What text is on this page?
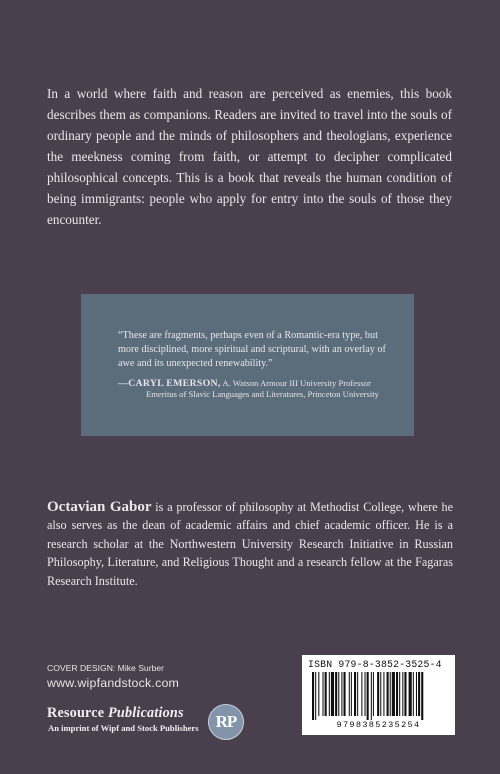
In a world where faith and reason are perceived as enemies, this book describes them as companions. Readers are invited to travel into the souls of ordinary people and the minds of philosophers and theologians, experience the meekness coming from faith, or attempt to decipher complicated philosophical concepts. This is a book that reveals the human condition of being immigrants: people who apply for entry into the souls of those they encounter.

“These are fragments, perhaps even of a Romantic-era type, but more disciplined, more spiritual and scriptural, with an overlay of awe and its unexpected renewability.”

—CARYL EMERSON, A. Watson Armour III University Professor

Emeritus of Slavic Languages and Literatures, Princeton University

Octavian Gabor is a professor of philosophy at Methodist College, where he also serves as the dean of academic affairs and chief academic officer. He is a research scholar at the Northwestern University Research Initiative in Russian Philosophy, Literature, and Religious Thought and a research fellow at the Fagaras Research Institute.

COVER DESIGN: Mike Surber

www.wipfandstock.com

Resource Publications

An imprint of Wipf and Stock Publishers	RP

ISBN 979-8-3852-3525-4

9798385235254
